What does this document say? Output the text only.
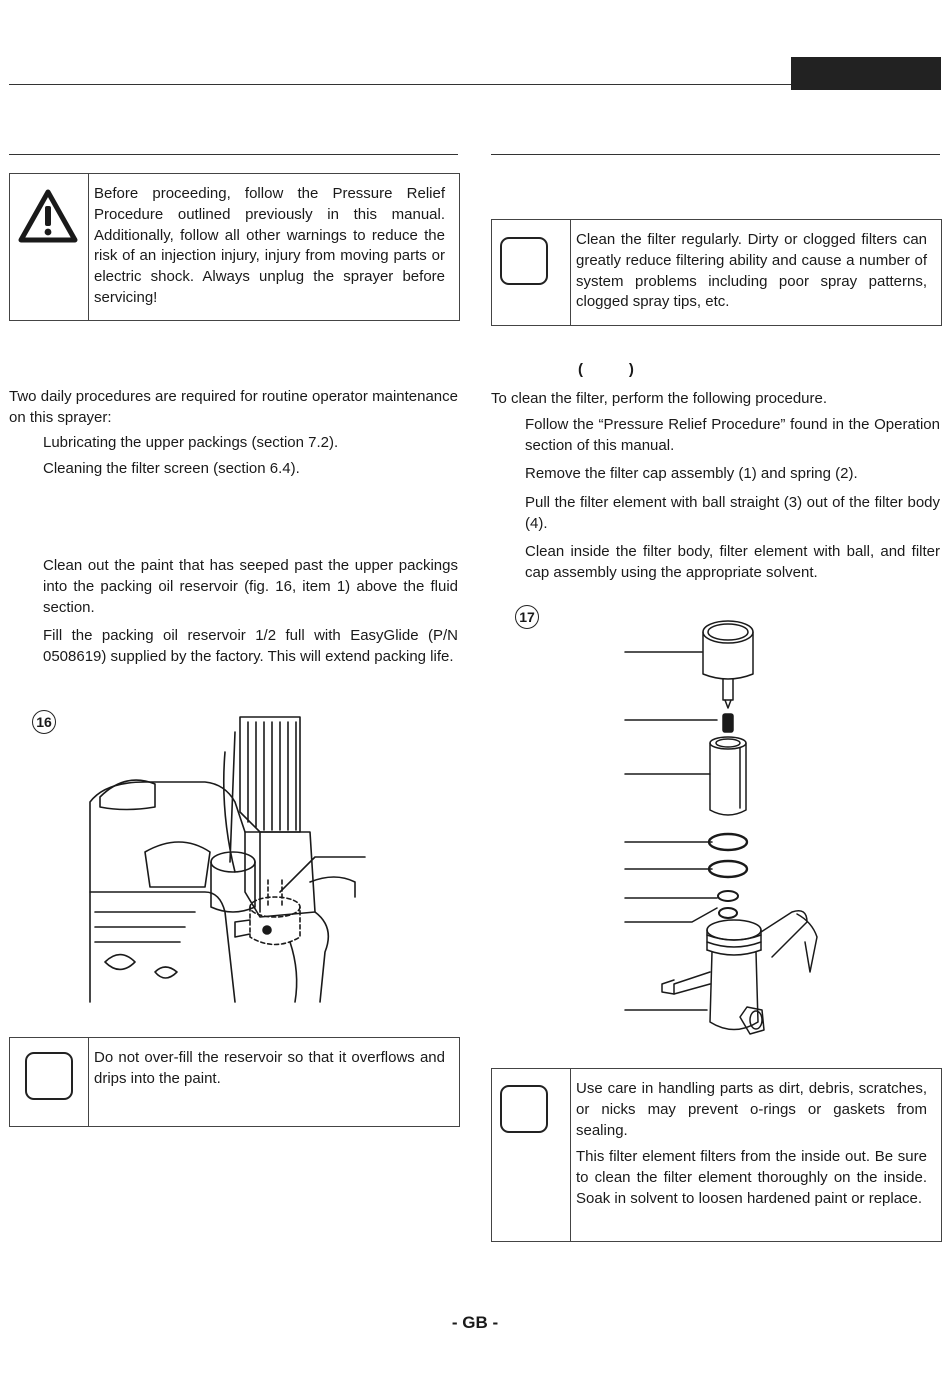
Before proceeding, follow the Pressure Relief Procedure outlined previously in this manual. Additionally, follow all other warnings to reduce the risk of an injection injury, injury from moving parts or electric shock. Always unplug the sprayer before servicing!
Two daily procedures are required for routine operator maintenance on this sprayer:
Lubricating the upper packings (section 7.2).
Cleaning the filter screen (section 6.4).
Clean out the paint that has seeped past the upper packings into the packing oil reservoir (fig. 16, item 1) above the fluid section.
Fill the packing oil reservoir 1/2 full with EasyGlide (P/N 0508619) supplied by the factory. This will extend packing life.
16
Do not over-fill the reservoir so that it overflows and drips into the paint.
Clean the filter regularly. Dirty or clogged filters can greatly reduce filtering ability and cause a number of system problems including poor spray patterns, clogged spray tips, etc.
(           )
To clean the filter, perform the following procedure.
Follow the “Pressure Relief Procedure” found in the Operation section of this manual.
Remove the filter cap assembly (1) and spring (2).
Pull the filter element with ball straight (3) out of the filter body (4).
Clean inside the filter body, filter element with ball, and filter cap assembly using the appropriate solvent.
17

Use care in handling parts as dirt, debris, scratches, or nicks may prevent o-rings or gaskets from sealing.

This filter element filters from the inside out. Be sure to clean the filter element thoroughly on the inside. Soak in solvent to loosen hardened paint or replace.

- GB -
